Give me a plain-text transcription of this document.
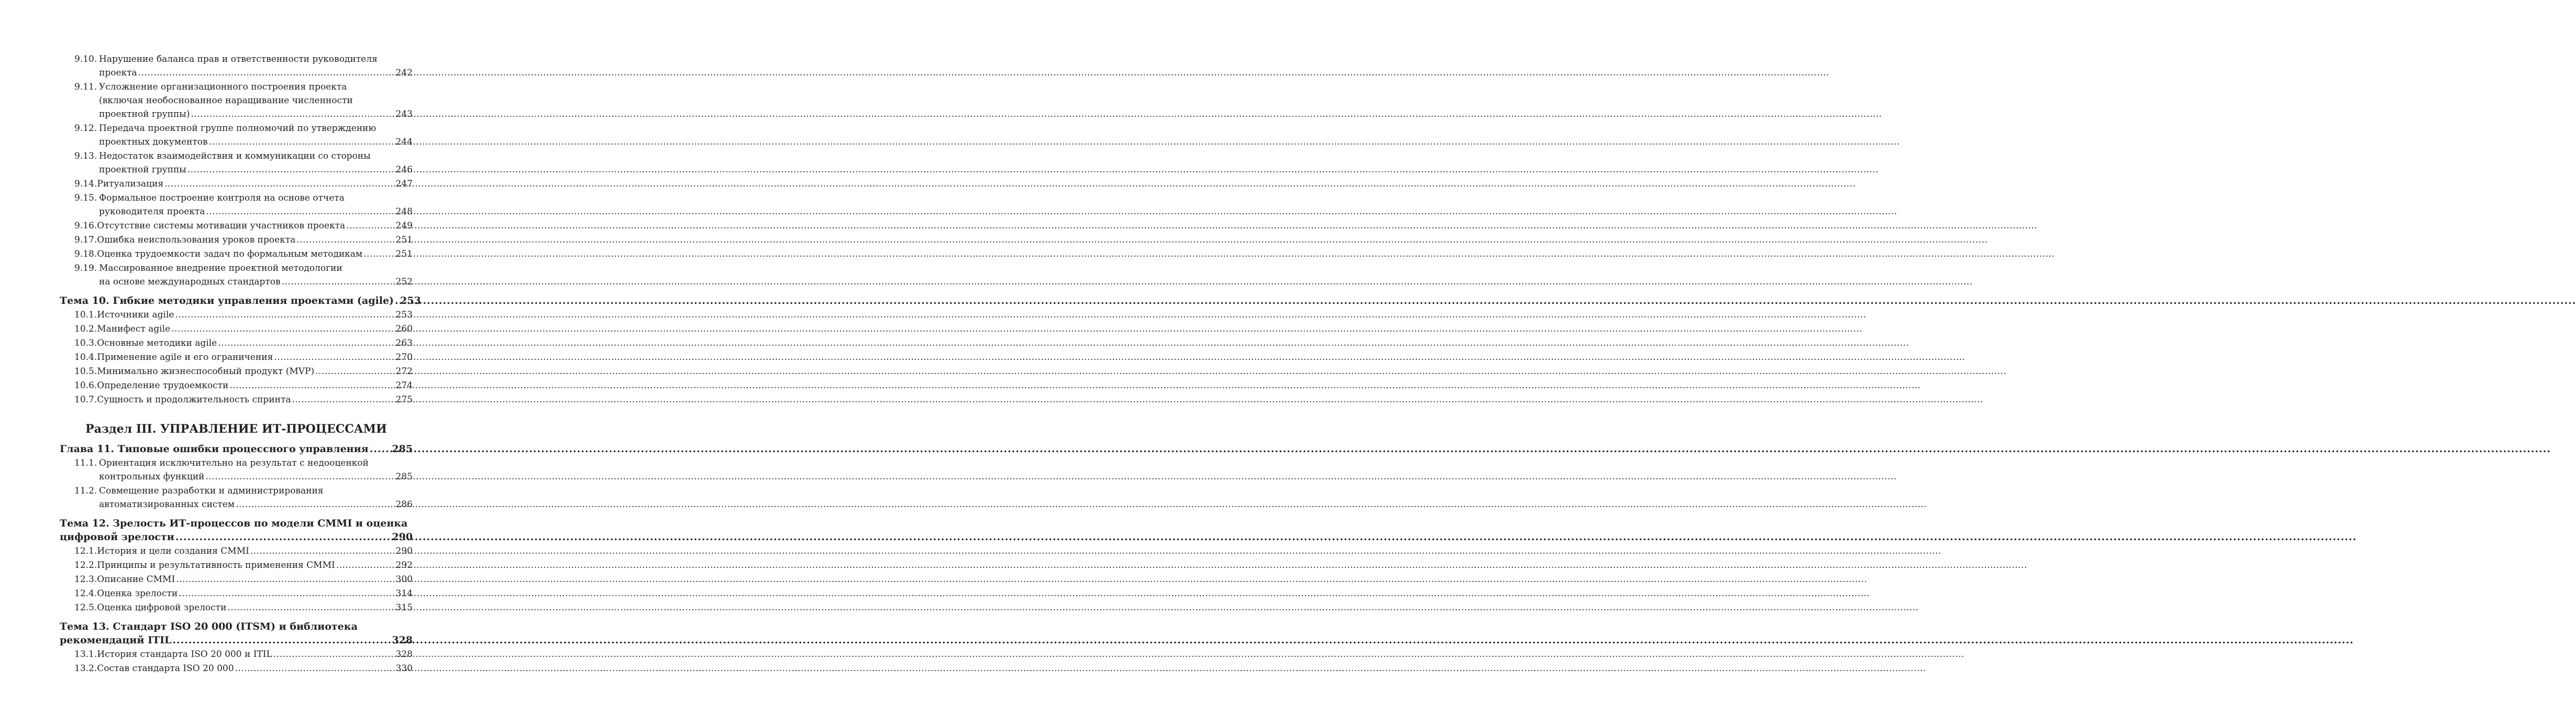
9.10. Нарушение баланса прав и ответственности руководителя
проекта .....	242
9.11. Усложнение организационного построения проекта
(включая необоснованное наращивание численности
проектной группы) .....	243
9.12. Передача проектной группе полномочий по утверждению
проектных документов .....	244
9.13. Недостаток взаимодействия и коммуникации со стороны
проектной группы .....	246
9.14. Ритуализация .....	247
9.15. Формальное построение контроля на основе отчета
руководителя проекта .....	248
9.16. Отсутствие системы мотивации участников проекта .....	249
9.17. Ошибка неиспользования уроков проекта .....	251
9.18. Оценка трудоемкости задач по формальным методикам .....	251
9.19. Массированное внедрение проектной методологии
на основе международных стандартов .....	252
Тема 10. Гибкие методики управления проектами (agile) ..... 253
10.1. Источники agile .....	253
10.2. Манифест agile .....	260
10.3. Основные методики agile .....	263
10.4. Применение agile и его ограничения .....	270
10.5. Минимально жизнеспособный продукт (MVP) .....	272
10.6. Определение трудоемкости .....	274
10.7. Сущность и продолжительность спринта .....	275
Раздел III. УПРАВЛЕНИЕ ИТ-ПРОЦЕССАМИ
Глава 11. Типовые ошибки процессного управления ..... 285
11.1. Ориентация исключительно на результат с недооценкой
контрольных функций .....	285
11.2. Совмещение разработки и администрирования
автоматизированных систем .....	286
Тема 12. Зрелость ИТ-процессов по модели CMMI и оценка
цифровой зрелости .....	290
12.1. История и цели создания CMMI .....	290
12.2. Принципы и результативность применения CMMI .....	292
12.3. Описание CMMI .....	300
12.4. Оценка зрелости .....	314
12.5. Оценка цифровой зрелости .....	315
Тема 13. Стандарт ISO 20 000 (ITSM) и библиотека
рекомендаций ITIL .....	328
13.1. История стандарта ISO 20 000 и ITIL .....	328
13.2. Состав стандарта ISO 20 000 .....	330
